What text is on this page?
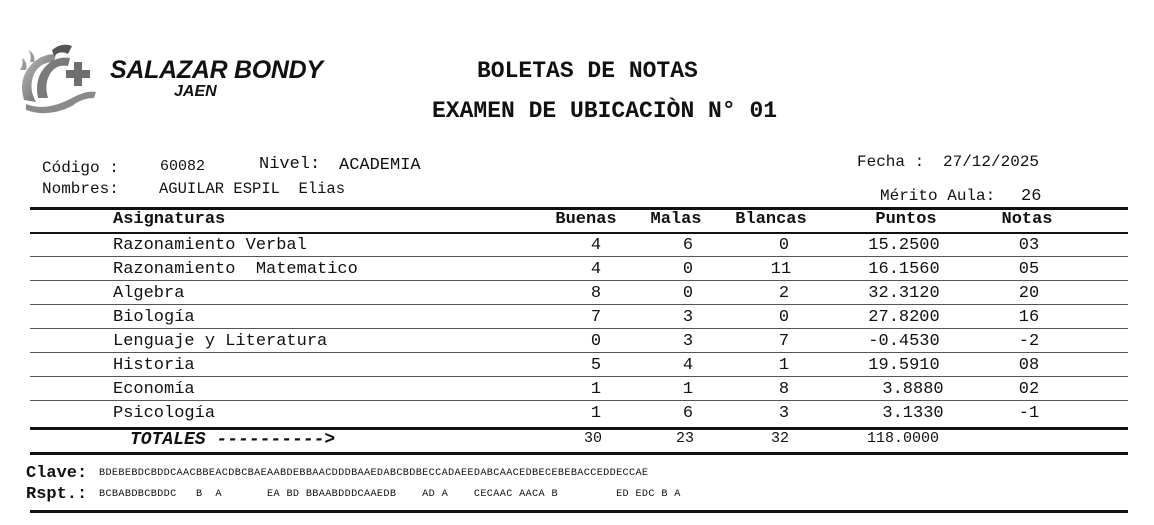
SALAZAR BONDY
JAEN
BOLETAS DE NOTAS
EXAMEN DE UBICACIÒN N° 01
Código :	60082	Nivel: ACADEMIA
Nombres:	AGUILAR ESPIL  Elias
Fecha : 27/12/2025
Mérito Aula: 26
Asignaturas	Buenas Malas Blancas	Puntos	Notas
Razonamiento Verbal	4	6	0	15.2500	03
Razonamiento  Matematico	4	0	11	16.1560	05
Algebra	8	0	2	32.3120	20
Biología	7	3	0	27.8200	16
Lenguaje y Literatura	0	3	7	-0.4530	-2
Historia	5	4	1	19.5910	08
Economía	1	1	8	3.8880	02
Psicología	1	6	3	3.1330	-1
TOTALES ---------->	30	23	32	118.0000
Clave: BDEBEBDCBDDCAACBBEACDBCBAEAABDEBBAACDDDBAAEDABCBDBECCADAEEDABCAACEDBECEBEBACCEDDECCAE
Rspt.: BCBABDBCBDDC   B  A       EA BD BBAABDDDCAAEDB    AD A    CECAAC AACA B         ED EDC B A
